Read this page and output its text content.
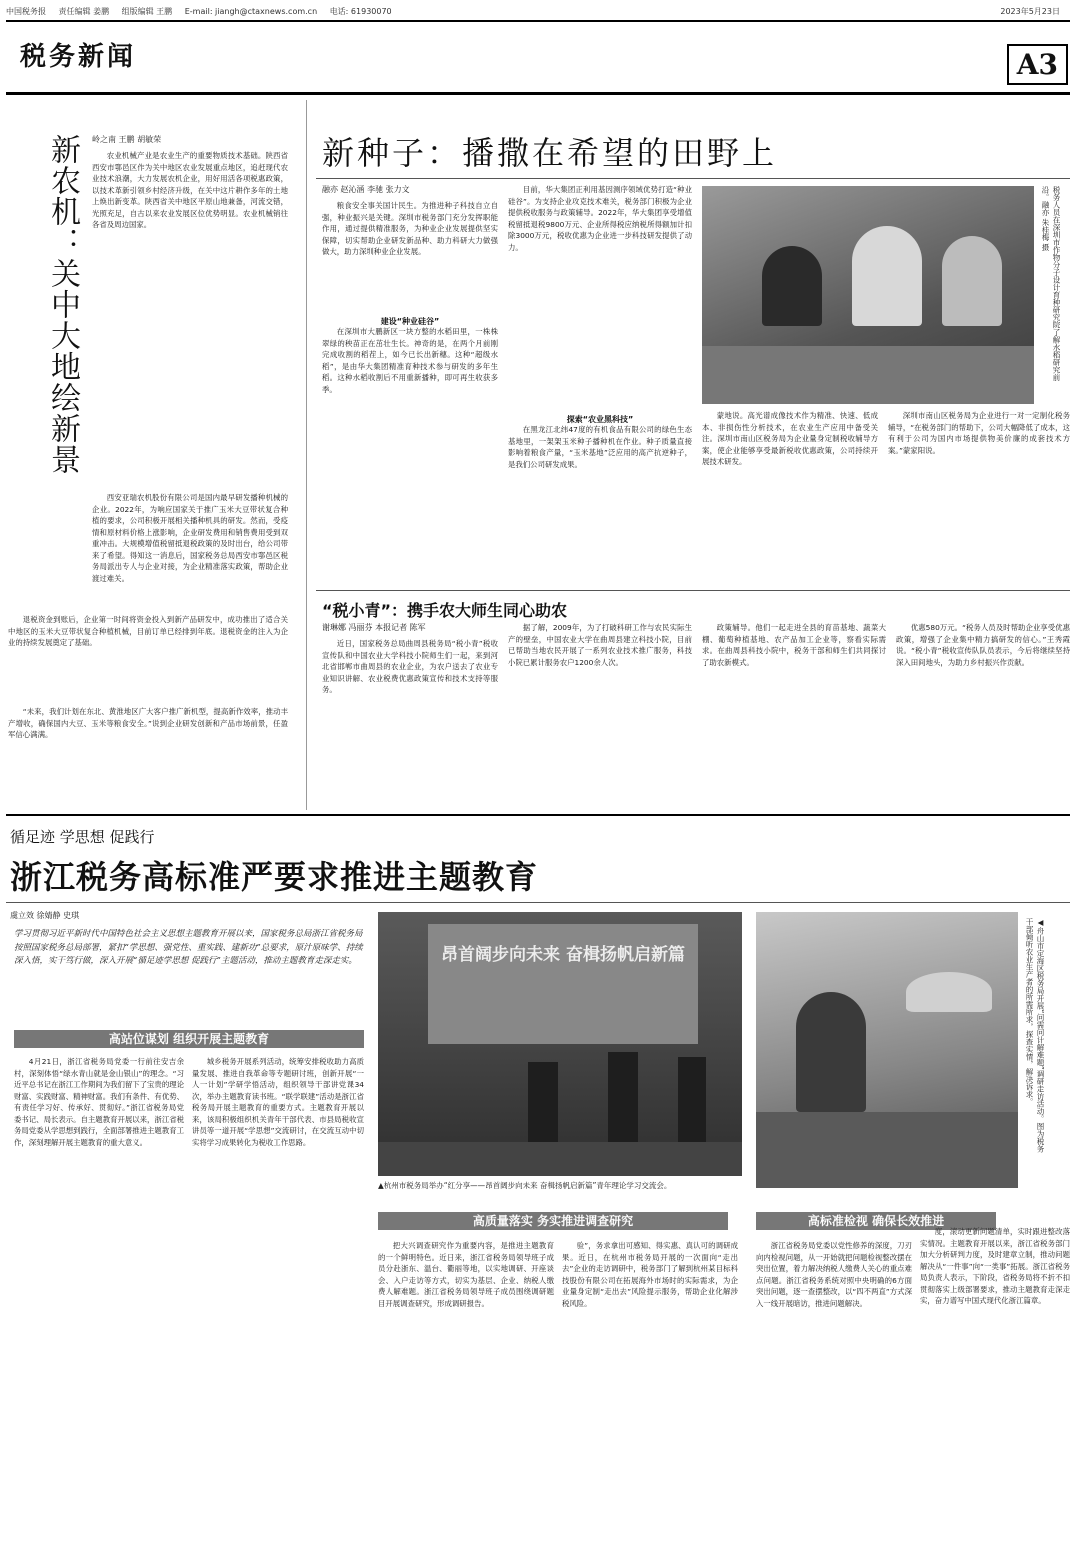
中国税务报 责任编辑 姜鹏 组版编辑 王鹏 E-mail: jiangh@ctaxnews.com.cn 电话: 61930070	2023年5月23日
税务新闻	A3
新农机：关中大地绘新景 岭之南 王鹏 胡敏荣

农业机械产业是农业生产的重要物质技术基础。陕西省西安市鄠邑区作为关中地区农业发展重点地区，追赶现代农业技术浪潮，大力发展农机企业，用好用活各项税惠政策，以技术革新引领乡村经济升级，在关中这片耕作多年的土地上焕出新变革。陕西省关中地区平原山地兼备，河流交错，光照充足，自古以来农业发展区位优势明显。农业机械销往各省及周边国家。

西安亚瑞农机股份有限公司是国内最早研发播种机械的企业。2022年，为响应国家关于推广玉米大豆带状复合种植的要求，公司积极开展相关播种机具的研发。然而，受疫情和原材料价格上涨影响，企业研发费用和销售费用受到双重冲击。大规模增值税留抵退税政策的及时出台，给公司带来了希望。得知这一消息后，国家税务总局西安市鄠邑区税务局派出专人与企业对接，为企业精准落实政策，帮助企业渡过难关。

退税资金到账后，企业第一时间将资金投入到新产品研发中，成功推出了适合关中地区的玉米大豆带状复合种植机械，目前订单已经排到年底。退税资金的注入为企业的持续发展奠定了基础。

“未来，我们计划在东北、黄淮地区广大客户推广新机型，提高新作效率，推动丰产增收，确保国内大豆、玉米等粮食安全。”说到企业研发创新和产品市场前景，任盈军信心满满。

新种子：播撒在希望的田野上
融亦 赵沁涵 李驰 张力文

粮食安全事关国计民生。为推进种子科技自立自强，种业振兴是关键。深圳市税务部门充分发挥职能作用，通过提供精准服务，为种业企业发展提供坚实保障，切实帮助企业研发新品种、助力科研大力做强做大，助力深圳种业企业发展。

建设“种业硅谷”

在深圳市大鹏新区一块方整的水稻田里，一株株翠绿的秧苗正在茁壮生长。神奇的是，在两个月前刚完成收割的稻茬上，如今已长出新穗。这种“超级水稻”，是由华大集团精准育种技术参与研发的多年生稻。这种水稻收割后不用重新播种，即可再生收获多季。

目前，华大集团正利用基因测序领域优势打造“种业硅谷”。为支持企业攻克技术难关，税务部门积极为企业提供税收服务与政策辅导。2022年，华大集团享受增值税留抵退税9800万元、企业所得税应纳税所得额加计扣除3000万元，税收优惠为企业进一步科技研发提供了动力。

探索“农业黑科技”

在黑龙江北纬47度的有机食品有限公司的绿色生态基地里，一架架玉米种子播种机在作业。种子质量直接影响着粮食产量，“玉米基地”泛应用的高产抗逆种子，是我们公司研发成果。

税务人员在深圳市作物分子设计育种研究院了解水稻研究前沿。融亦 朱桂梅 摄

蒙地说。高光谱成像技术作为精准、快速、低成本、非损伤性分析技术，在农业生产应用中备受关注。深圳市南山区税务局为企业量身定制税收辅导方案，使企业能够享受最新税收优惠政策，公司持续开展技术研发。

深圳市南山区税务局为企业进行一对一定制化税务辅导，“在税务部门的帮助下，公司大幅降低了成本，这有利于公司为国内市场提供物美价廉的成套技术方案。”蒙家阳说。

“税小青”：携手农大师生同心助农
谢琳娜 冯丽芬 本报记者 陈军

近日，国家税务总局曲周县税务局“税小青”税收宣传队和中国农业大学科技小院师生们一起，来到河北省邯郸市曲周县的农业企业，为农户送去了农业专业知识讲解、农业税费优惠政策宣传和技术支持等服务。

据了解，2009年，为了打破科研工作与农民实际生产的壁垒，中国农业大学在曲周县建立科技小院，目前已帮助当地农民开展了一系列农业技术推广服务，科技小院已累计服务农户1200余人次。

政策辅导。他们一起走进全县的育苗基地、蔬菜大棚、葡萄种植基地、农产品加工企业等，察看实际需求。在曲周县科技小院中，税务干部和师生们共同探讨了助农新模式。

优惠580万元。“税务人员及时帮助企业享受优惠政策，增强了企业集中精力搞研发的信心。”王秀霞说。“税小青”税收宣传队队员表示，今后将继续坚持深入田间地头，为助力乡村振兴作贡献。

循足迹 学思想 促践行
浙江税务高标准严要求推进主题教育
虞立效 徐婧静 史琪
学习贯彻习近平新时代中国特色社会主义思想主题教育开展以来，国家税务总局浙江省税务局按照国家税务总局部署，紧扣“学思想、强党性、重实践、建新功”总要求，原汁原味学、持续深入悟，实干笃行做，深入开展“循足迹学思想 促践行”主题活动，推动主题教育走深走实。
高站位谋划 组织开展主题教育
昂首阔步向未来 奋楫扬帆启新篇	◀舟山市定海区税务局开展“问需问计解难题”调研走访活动。图为税务干部倾听农业生产者的所需所求，探查实情，解决诉求。
▲杭州市税务局举办“红分享——昂首阔步向未来 奋楫扬帆启新篇”青年理论学习交流会。

4月21日，浙江省税务局党委一行前往安吉余村，深刻体悟“绿水青山就是金山银山”的理念。“习近平总书记在浙江工作期间为我们留下了宝贵的理论财富、实践财富、精神财富。我们有条件、有优势、有责任学习好、传承好、贯彻好。”浙江省税务局党委书记、局长表示。自主题教育开展以来，浙江省税务局党委从学思想到践行，全面部署推进主题教育工作，深刻理解开展主题教育的重大意义。

城乡税务开展系列活动，统筹安排税收助力高质量发展、推进自我革命等专题研讨班，创新开展“一人一计划”学研学悟活动，组织领导干部讲党课34次，举办主题教育读书班。“联学联建”活动是浙江省税务局开展主题教育的重要方式。主题教育开展以来，该局积极组织机关青年干部代表、市县局税收宣讲员等一道开展“学思想”交流研讨，在交流互动中切实将学习成果转化为税收工作思路。

高质量落实 务实推进调查研究

把大兴调查研究作为重要内容，是推进主题教育的一个鲜明特色。近日来，浙江省税务局领导班子成员分赴浙东、温台、衢丽等地，以实地调研、开座谈会、入户走访等方式，切实为基层、企业、纳税人缴费人解难题。浙江省税务局领导班子成员围绕调研题目开展调查研究，形成调研报告。

验”，务求拿出可感知、得实惠、真认可的调研成果。近日，在杭州市税务局开展的一次面向“走出去”企业的走访调研中，税务部门了解到杭州某目标科技股份有限公司在拓展海外市场时的实际需求，为企业量身定制“走出去”风险提示服务，帮助企业化解涉税风险。

高标准检视 确保长效推进

浙江省税务局党委以党性修养的深度，刀刃向内检视问题，从一开始就把问题检视整改摆在突出位置，着力解决纳税人缴费人关心的重点难点问题。浙江省税务系统对照中央明确的6方面突出问题，逐一查摆整改，以“四不两直”方式深入一线开展暗访，推进问题解决。

度，滚动更新问题清单，实时跟进整改落实情况。主题教育开展以来，浙江省税务部门加大分析研判力度，及时建章立制，推动问题解决从“一件事”向“一类事”拓展。浙江省税务局负责人表示，下阶段，省税务局将不折不扣贯彻落实上级部署要求，推动主题教育走深走实，奋力谱写中国式现代化浙江篇章。
